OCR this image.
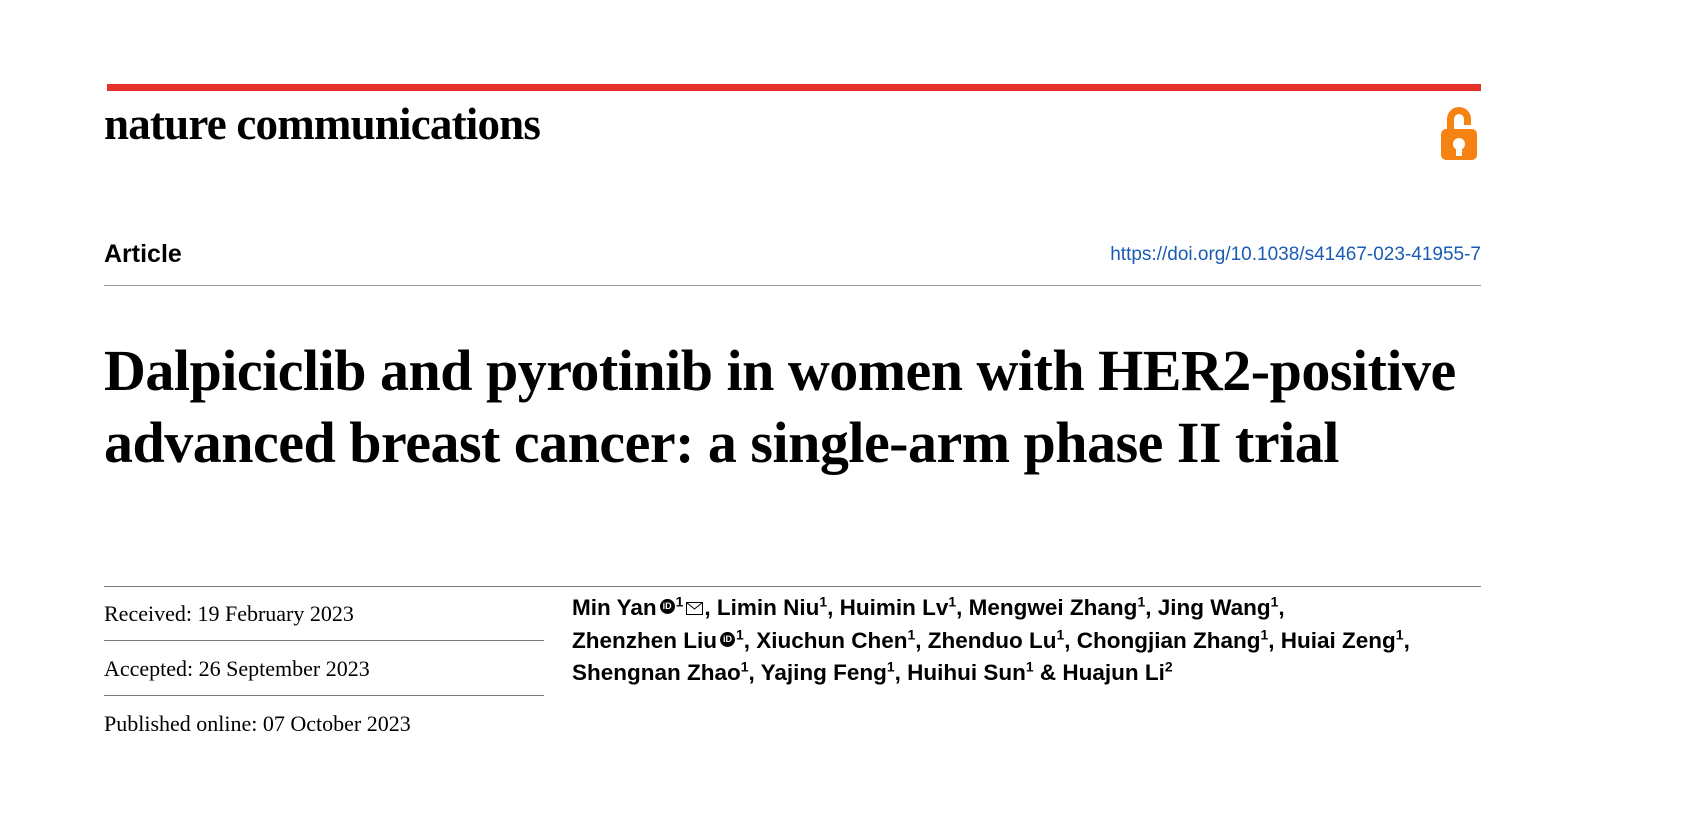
nature communications
Article	https://doi.org/10.1038/s41467-023-41955-7
Dalpiciclib and pyrotinib in women with HER2-positive advanced breast cancer: a single-arm phase II trial
Received: 19 February 2023
Accepted: 26 September 2023
Published online: 07 October 2023
Min Yan iD $^1$ , Limin Niu$^1$, Huimin Lv$^1$, Mengwei Zhang$^1$, Jing Wang$^1$,
Zhenzhen Liu iD $^1$, Xiuchun Chen$^1$, Zhenduo Lu$^1$, Chongjian Zhang$^1$, Huiai Zeng$^1$,
Shengnan Zhao$^1$, Yajing Feng$^1$, Huihui Sun$^1$ & Huajun Li$^2$
